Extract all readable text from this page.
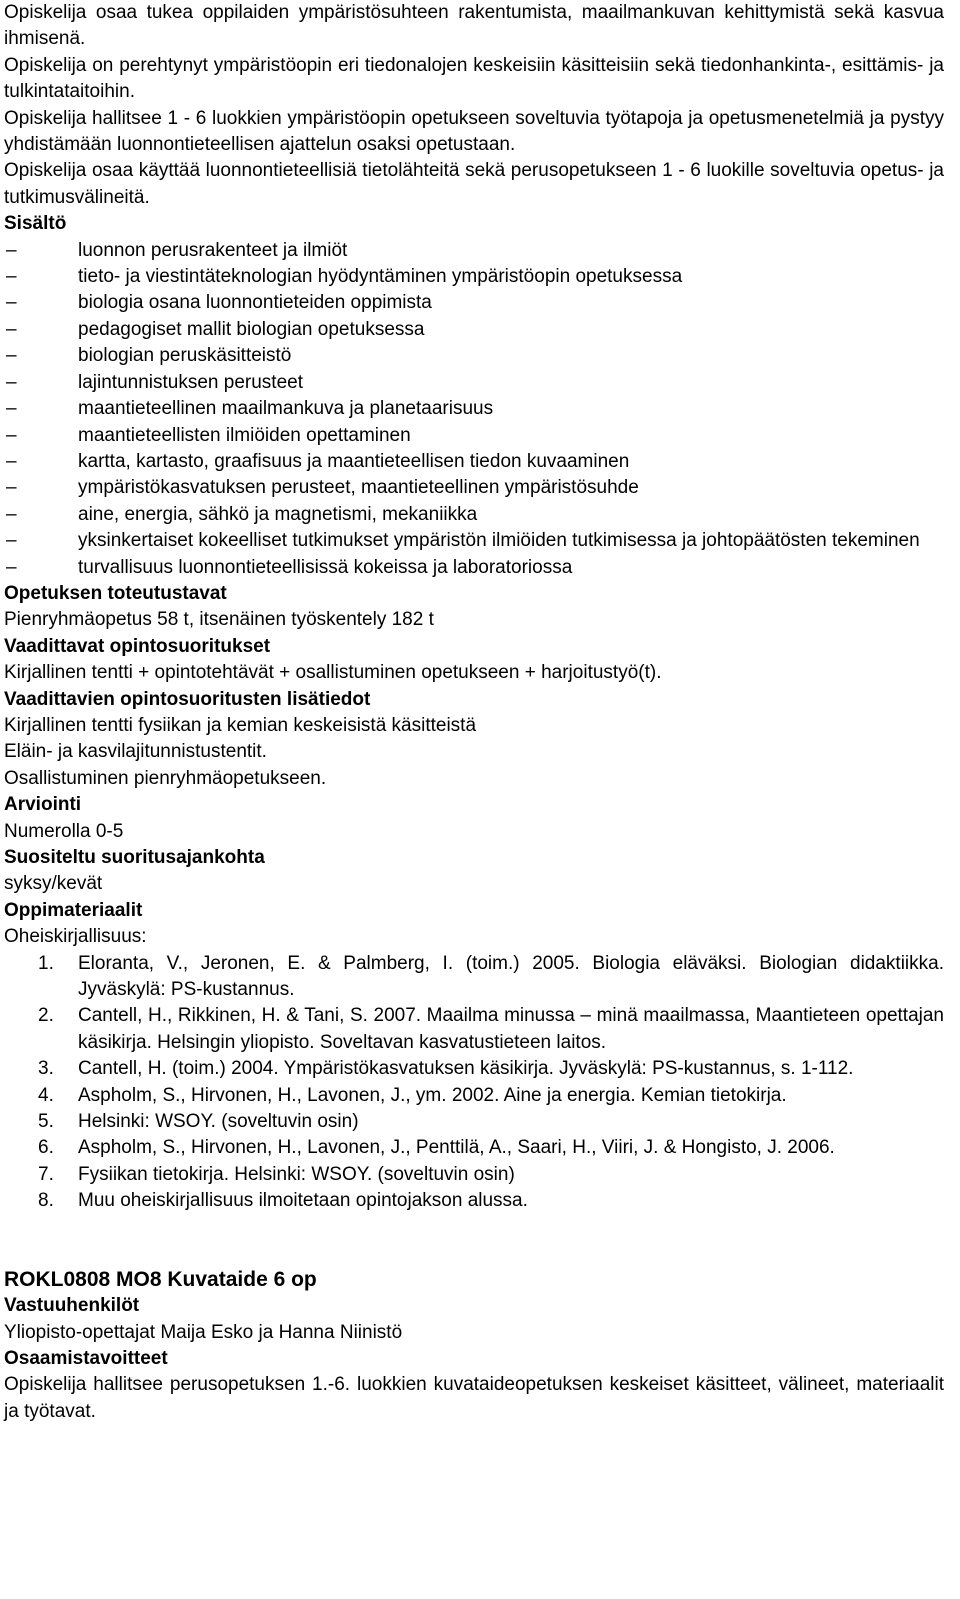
Opiskelija osaa tukea oppilaiden ympäristösuhteen rakentumista, maailmankuvan kehittymistä sekä kasvua ihmisenä.

Opiskelija on perehtynyt ympäristöopin eri tiedonalojen keskeisiin käsitteisiin sekä tiedonhankinta-, esittämis- ja tulkintataitoihin.

Opiskelija hallitsee 1 - 6 luokkien ympäristöopin opetukseen soveltuvia työtapoja ja opetusmenetelmiä ja pystyy yhdistämään luonnontieteellisen ajattelun osaksi opetustaan.

Opiskelija osaa käyttää luonnontieteellisiä tietolähteitä sekä perusopetukseen 1 - 6 luokille soveltuvia opetus- ja tutkimusvälineitä.

Sisältö

–	luonnon perusrakenteet ja ilmiöt
–	tieto- ja viestintäteknologian hyödyntäminen ympäristöopin opetuksessa
–	biologia osana luonnontieteiden oppimista
–	pedagogiset mallit biologian opetuksessa
–	biologian peruskäsitteistö
–	lajintunnistuksen perusteet
–	maantieteellinen maailmankuva ja planetaarisuus
–	maantieteellisten ilmiöiden opettaminen
–	kartta, kartasto, graafisuus ja maantieteellisen tiedon kuvaaminen
–	ympäristökasvatuksen perusteet, maantieteellinen ympäristösuhde
–	aine, energia, sähkö ja magnetismi, mekaniikka
–	yksinkertaiset kokeelliset tutkimukset ympäristön ilmiöiden tutkimisessa ja johtopäätösten tekeminen
–	turvallisuus luonnontieteellisissä kokeissa ja laboratoriossa

Opetuksen toteutustavat

Pienryhmäopetus 58 t, itsenäinen työskentely 182 t

Vaadittavat opintosuoritukset

Kirjallinen tentti + opintotehtävät + osallistuminen opetukseen + harjoitustyö(t).

Vaadittavien opintosuoritusten lisätiedot

Kirjallinen tentti fysiikan ja kemian keskeisistä käsitteistä

Eläin- ja kasvilajitunnistustentit.

Osallistuminen pienryhmäopetukseen.

Arviointi

Numerolla 0-5

Suositeltu suoritusajankohta

syksy/kevät

Oppimateriaalit

Oheiskirjallisuus:

1. Eloranta, V., Jeronen, E. & Palmberg, I. (toim.) 2005. Biologia eläväksi. Biologian didaktiikka. Jyväskylä: PS-kustannus.
2. Cantell, H., Rikkinen, H. & Tani, S. 2007. Maailma minussa – minä maailmassa, Maantieteen opettajan käsikirja. Helsingin yliopisto. Soveltavan kasvatustieteen laitos.
3. Cantell, H. (toim.) 2004. Ympäristökasvatuksen käsikirja. Jyväskylä: PS-kustannus, s. 1-112.
4. Aspholm, S., Hirvonen, H., Lavonen, J., ym. 2002. Aine ja energia. Kemian tietokirja.
5. Helsinki: WSOY. (soveltuvin osin)
6. Aspholm, S., Hirvonen, H., Lavonen, J., Penttilä, A., Saari, H., Viiri, J. & Hongisto, J. 2006.
7. Fysiikan tietokirja. Helsinki: WSOY. (soveltuvin osin)
8. Muu oheiskirjallisuus ilmoitetaan opintojakson alussa.

ROKL0808 MO8 Kuvataide 6 op

Vastuuhenkilöt

Yliopisto-opettajat Maija Esko ja Hanna Niinistö

Osaamistavoitteet

Opiskelija hallitsee perusopetuksen 1.-6. luokkien kuvataideopetuksen keskeiset käsitteet, välineet, materiaalit ja työtavat.
